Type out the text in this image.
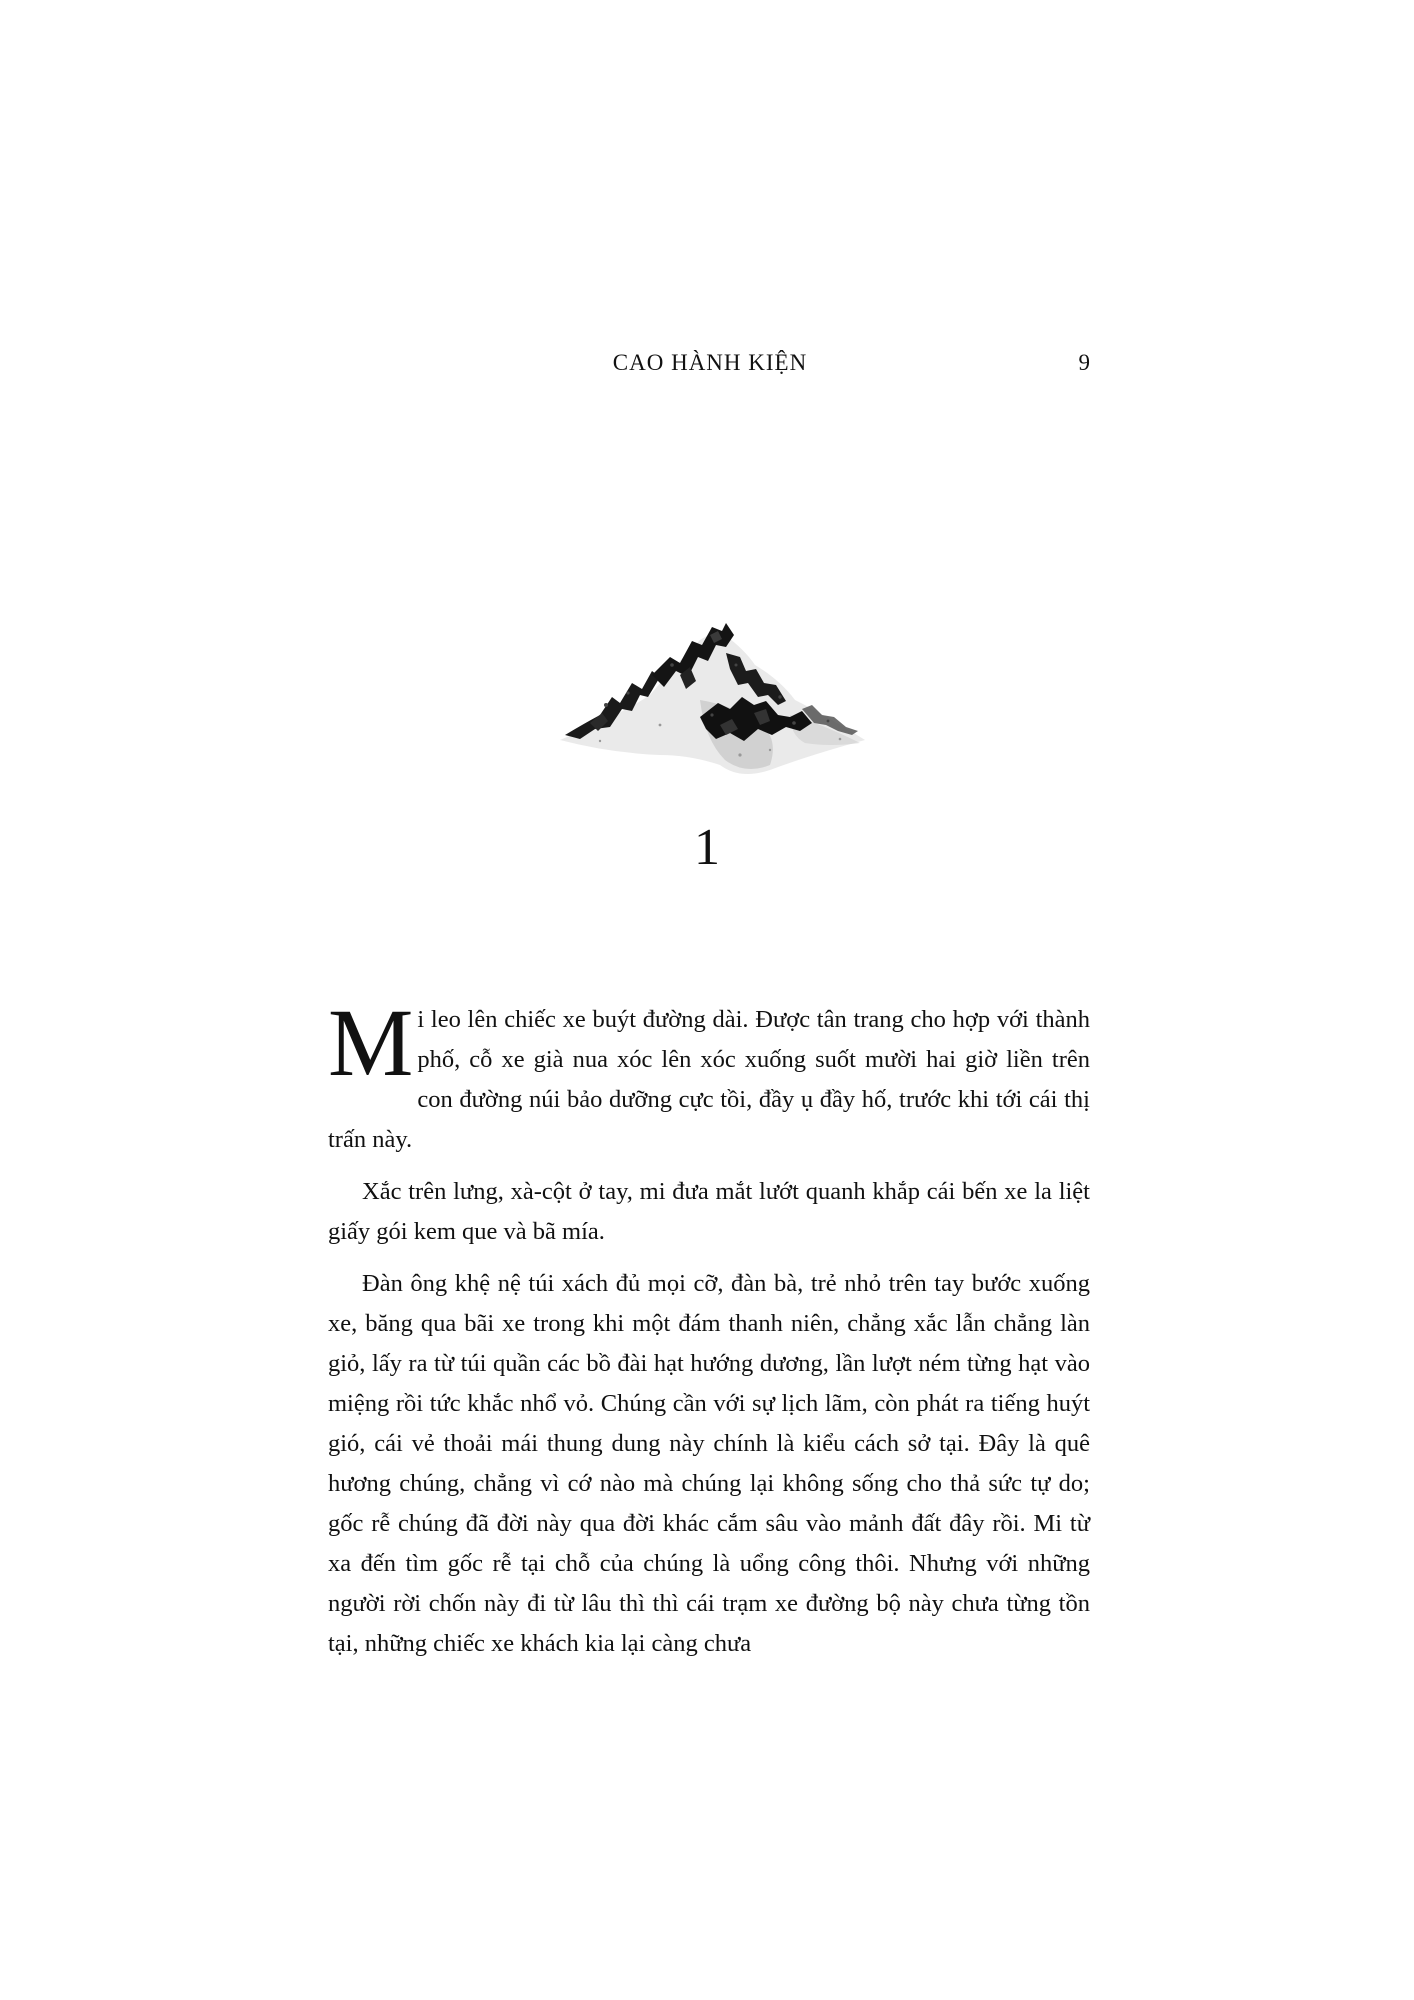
CAO HÀNH KIỆN	9
1

Mi leo lên chiếc xe buýt đường dài. Được tân trang cho hợp với thành phố, cỗ xe già nua xóc lên xóc xuống suốt mười hai giờ liền trên con đường núi bảo dưỡng cực tồi, đầy ụ đầy hố, trước khi tới cái thị trấn này.

Xắc trên lưng, xà-cột ở tay, mi đưa mắt lướt quanh khắp cái bến xe la liệt giấy gói kem que và bã mía.

Đàn ông khệ nệ túi xách đủ mọi cỡ, đàn bà, trẻ nhỏ trên tay bước xuống xe, băng qua bãi xe trong khi một đám thanh niên, chẳng xắc lẫn chẳng làn giỏ, lấy ra từ túi quần các bồ đài hạt hướng dương, lần lượt ném từng hạt vào miệng rồi tức khắc nhổ vỏ. Chúng cần với sự lịch lãm, còn phát ra tiếng huýt gió, cái vẻ thoải mái thung dung này chính là kiểu cách sở tại. Đây là quê hương chúng, chẳng vì cớ nào mà chúng lại không sống cho thả sức tự do; gốc rễ chúng đã đời này qua đời khác cắm sâu vào mảnh đất đây rồi. Mi từ xa đến tìm gốc rễ tại chỗ của chúng là uổng công thôi. Nhưng với những người rời chốn này đi từ lâu thì thì cái trạm xe đường bộ này chưa từng tồn tại, những chiếc xe khách kia lại càng chưa
